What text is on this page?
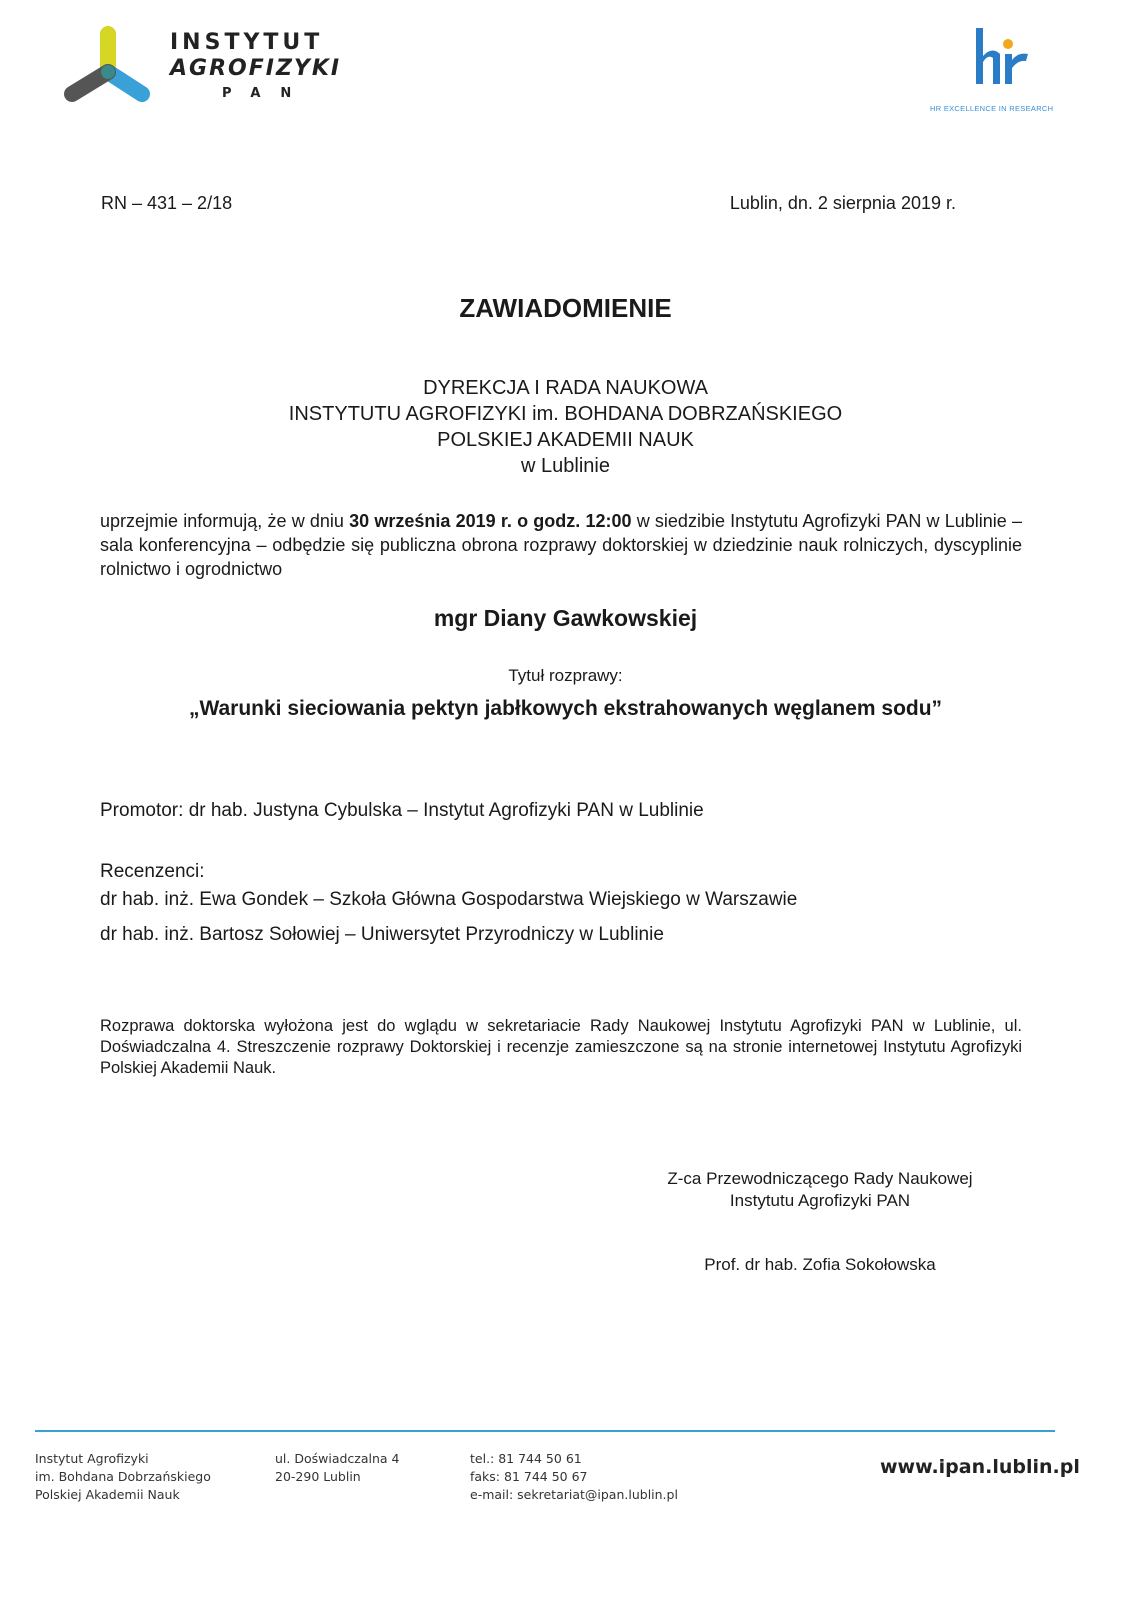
INSTYTUT
AGROFIZYKI
PAN
HR EXCELLENCE IN RESEARCH
RN – 431 – 2/18	Lublin, dn. 2 sierpnia 2019 r.
ZAWIADOMIENIE
DYREKCJA I RADA NAUKOWA
INSTYTUTU AGROFIZYKI im. BOHDANA DOBRZAŃSKIEGO
POLSKIEJ AKADEMII NAUK
w Lublinie
uprzejmie informują, że w dniu 30 września 2019 r. o godz. 12:00 w siedzibie Instytutu Agrofizyki PAN w Lublinie – sala konferencyjna – odbędzie się publiczna obrona rozprawy doktorskiej w dziedzinie nauk rolniczych, dyscyplinie rolnictwo i ogrodnictwo
mgr Diany Gawkowskiej
Tytuł rozprawy:
„Warunki sieciowania pektyn jabłkowych ekstrahowanych węglanem sodu”
Promotor: dr hab. Justyna Cybulska – Instytut Agrofizyki PAN w Lublinie
Recenzenci:
dr hab. inż. Ewa Gondek – Szkoła Główna Gospodarstwa Wiejskiego w Warszawie
dr hab. inż. Bartosz Sołowiej – Uniwersytet Przyrodniczy w Lublinie
Rozprawa doktorska wyłożona jest do wglądu w sekretariacie Rady Naukowej Instytutu Agrofizyki PAN w Lublinie, ul. Doświadczalna 4. Streszczenie rozprawy Doktorskiej i recenzje zamieszczone są na stronie internetowej Instytutu Agrofizyki Polskiej Akademii Nauk.
Z-ca Przewodniczącego Rady Naukowej
Instytutu Agrofizyki PAN
Prof. dr hab. Zofia Sokołowska
Instytut Agrofizyki
im. Bohdana Dobrzańskiego
Polskiej Akademii Nauk
ul. Doświadczalna 4
20-290 Lublin
tel.: 81 744 50 61
faks: 81 744 50 67
e-mail: sekretariat@ipan.lublin.pl
www.ipan.lublin.pl
